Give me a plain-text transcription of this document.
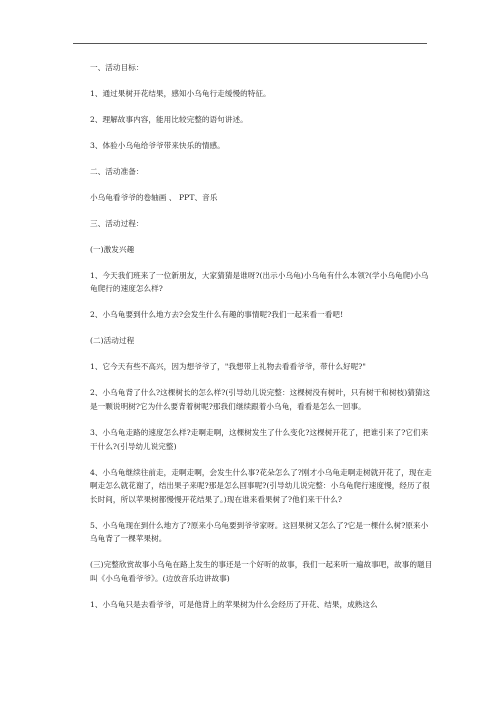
一、活动目标：

1、通过果树开花结果，感知小乌龟行走缓慢的特征。

2、理解故事内容，能用比较完整的语句讲述。

3、体验小乌龟给爷爷带来快乐的情感。

二、活动准备：

小乌龟看爷爷的卷轴画 、 PPT、音乐

三、活动过程：

(一)激发兴趣

1、今天我们班来了一位新朋友，大家猜猜是谁呀?(出示小乌龟)小乌龟有什么本领?(学小乌龟爬)小乌龟爬行的速度怎么样?

2、小乌龟要到什么地方去?会发生什么有趣的事情呢?我们一起来看一看吧!

(二)活动过程

1、它今天有些不高兴，因为想爷爷了，"我想带上礼物去看看爷爷，带什么好呢?"

2、小乌龟背了什么?这棵树长的怎么样?(引导幼儿说完整：这棵树没有树叶，只有树干和树枝)猜猜这是一颗说明树?它为什么要背着树呢?那我们继续跟着小乌龟，看看是怎么一回事。

3、小乌龟走路的速度怎么样?走啊走啊，这棵树发生了什么变化?这棵树开花了，把谁引来了?它们来干什么?(引导幼儿说完整)

4、小乌龟继续往前走，走啊走啊，会发生什么事?花朵怎么了?刚才小乌龟走啊走树就开花了，现在走啊走怎么就花谢了，结出果子来呢?那是怎么回事呢?(引导幼儿说完整：小乌龟爬行速度慢，经历了很长时间，所以苹果树都慢慢开花结果了。)现在谁来看果树了?他们来干什么?

5、小乌龟现在到什么地方了?原来小乌龟要到爷爷家呀。这回果树又怎么了?它是一棵什么树?原来小乌龟背了一棵苹果树。

(三)完整欣赏故事小乌龟在路上发生的事还是一个好听的故事，我们一起来听一遍故事吧，故事的题目叫《小乌龟看爷爷》。(边放音乐边讲故事)

1、小乌龟只是去看爷爷，可是他背上的苹果树为什么会经历了开花、结果，成熟这么
